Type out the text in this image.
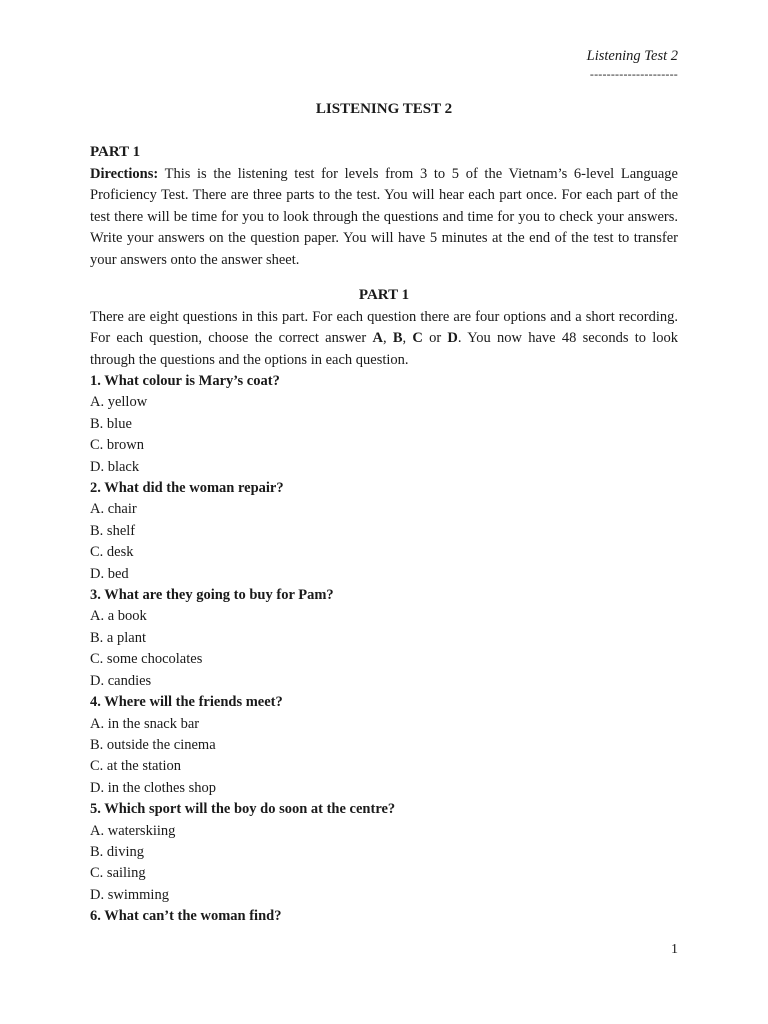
Listening Test 2
---------------------

LISTENING TEST 2

PART 1

Directions: This is the listening test for levels from 3 to 5 of the Vietnam’s 6-level Language Proficiency Test. There are three parts to the test. You will hear each part once. For each part of the test there will be time for you to look through the questions and time for you to check your answers. Write your answers on the question paper. You will have 5 minutes at the end of the test to transfer your answers onto the answer sheet.

PART 1

There are eight questions in this part. For each question there are four options and a short recording. For each question, choose the correct answer A, B, C or D. You now have 48 seconds to look through the questions and the options in each question.

1. What colour is Mary’s coat?

A. yellow

B. blue

C. brown

D. black

2. What did the woman repair?

A. chair

B. shelf

C. desk

D. bed

3. What are they going to buy for Pam?

A. a book

B. a plant

C. some chocolates

D. candies

4. Where will the friends meet?

A. in the snack bar

B. outside the cinema

C. at the station

D. in the clothes shop

5. Which sport will the boy do soon at the centre?

A. waterskiing

B. diving

C. sailing

D. swimming

6. What can’t the woman find?

1
